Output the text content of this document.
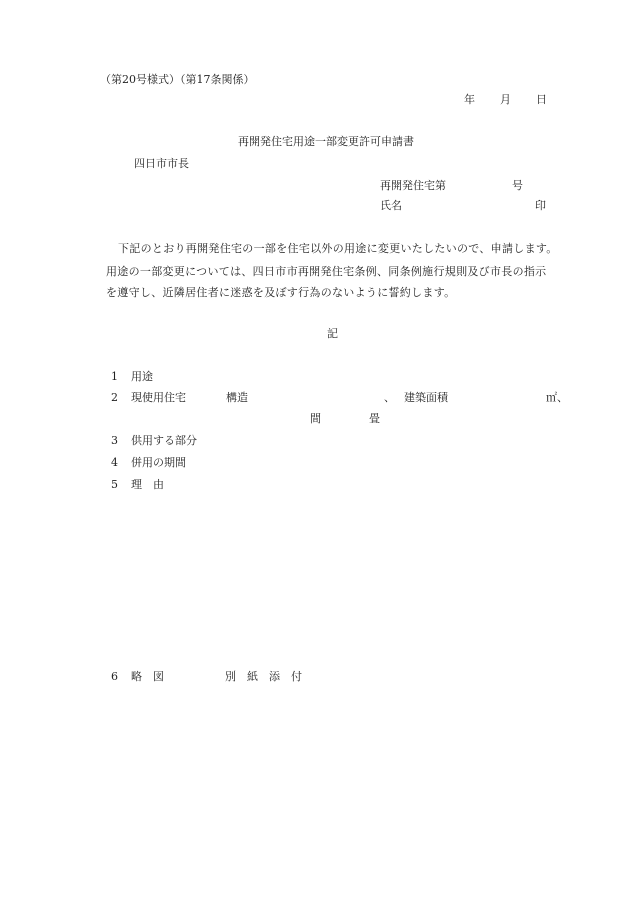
（第20号様式）（第17条関係）
年 月 日
再開発住宅用途一部変更許可申請書
四日市市長
再開発住宅第	号
氏名	印
下記のとおり再開発住宅の一部を住宅以外の用途に変更いたしたいので、申請します。
用途の一部変更については、四日市市再開発住宅条例、同条例施行規則及び市長の指示
を遵守し、近隣居住者に迷惑を及ぼす行為のないように誓約します。
記
1 用途
2 現使用住宅	構造	、 建築面積	㎡、
間	畳
3 供用する部分
4 併用の期間
5 理　由
6 略　図	別　紙　添　付
